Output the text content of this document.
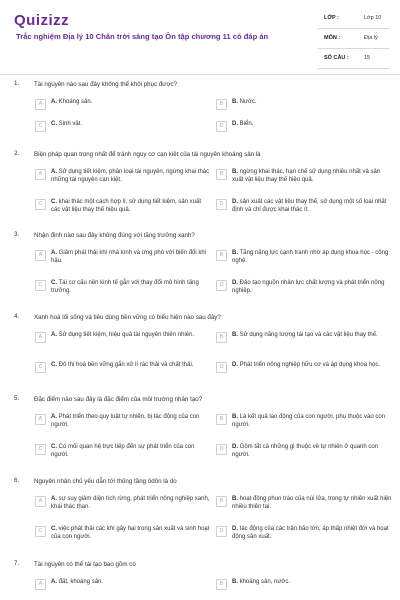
Quizizz
Trắc nghiệm Địa lý 10 Chân trời sáng tạo Ôn tập chương 11 có đáp án
LỚP :	Lớp 10
MÔN :	Địa lý
SỐ CÂU :	15
1. Tài nguyên nào sau đây không thể khôi phục được?
A	A. Khoáng sản.	B	B. Nước.
C	C. Sinh vật.	D	D. Biển.
2. Biện pháp quan trọng nhất để tránh nguy cơ cạn kiệt của tài nguyên khoáng sản là
A	A. Sử dụng tiết kiệm, phân loại tài nguyên, ngừng khai thác những tài nguyên cạn kiệt.
B	B. ngừng khai thác, hạn chế sử dụng nhiều nhất và sản xuất vật liệu thay thế hiệu quả.
C	C. khai thác một cách hợp lí, sử dụng tiết kiệm, sản xuất các vật liệu thay thế hiệu quả.
D	D. sản xuất các vật liệu thay thế, sử dụng một số loại nhất định và chỉ được khai thác ít.
3. Nhận định nào sau đây không đúng với tăng trưởng xanh?
A	A. Giảm phát thải khí nhà kính và ứng phó với biến đổi khí hậu.
B	B. Tăng năng lực cạnh tranh nhờ áp dụng khoa học - công nghệ.
C	C. Tái cơ cấu nền kinh tế gắn với thay đổi mô hình tăng trưởng.
D	D. Đảo tạo nguồn nhân lực chất lượng và phát triển nông nghiệp.
4. Xanh hoá lối sống và tiêu dùng bền vững có biểu hiện nào sau đây?
A	A. Sử dụng tiết kiệm, hiệu quả tài nguyên thiên nhiên.	B	B. Sử dụng năng lượng tái tạo và các vật liệu thay thế.
C	C. Đô thị hoá bền vững gắn xử lí rác thải và chất thải.	D	D. Phát triển nông nghiệp hữu cơ và áp dụng khoa học.
5. Đặc điểm nào sau đây là đặc điểm của môi trường nhân tạo?
A	A. Phát triển theo quy luật tự nhiên, bị tác động của con người.
B	B. Là kết quả lao động của con người, phụ thuộc vào con người.
C	C. Có mối quan hệ trực tiếp đến sự phát triển của con người.
D	D. Gồm tất cả những gì thuộc về tự nhiên ở quanh con người.
6. Nguyên nhân chủ yếu dẫn tới thủng tầng ôdôn là do
A	A. sự suy giảm diện tích rừng, phát triển nông nghiệp xanh, khai thác than.
B	B. hoạt động phun trào của núi lửa, trong tự nhiên xuất hiện nhiều thiên tai.
C	C. việc phát thải các khí gây hại trong sản xuất và sinh hoạt của con người.
D	D. tác động của các trận bão lớn, áp thấp nhiệt đới và hoạt động sản xuất.
7. Tài nguyên có thể tái tạo bao gồm có
A	A. đất, khoáng sản.	B	B. khoáng sản, nước.
